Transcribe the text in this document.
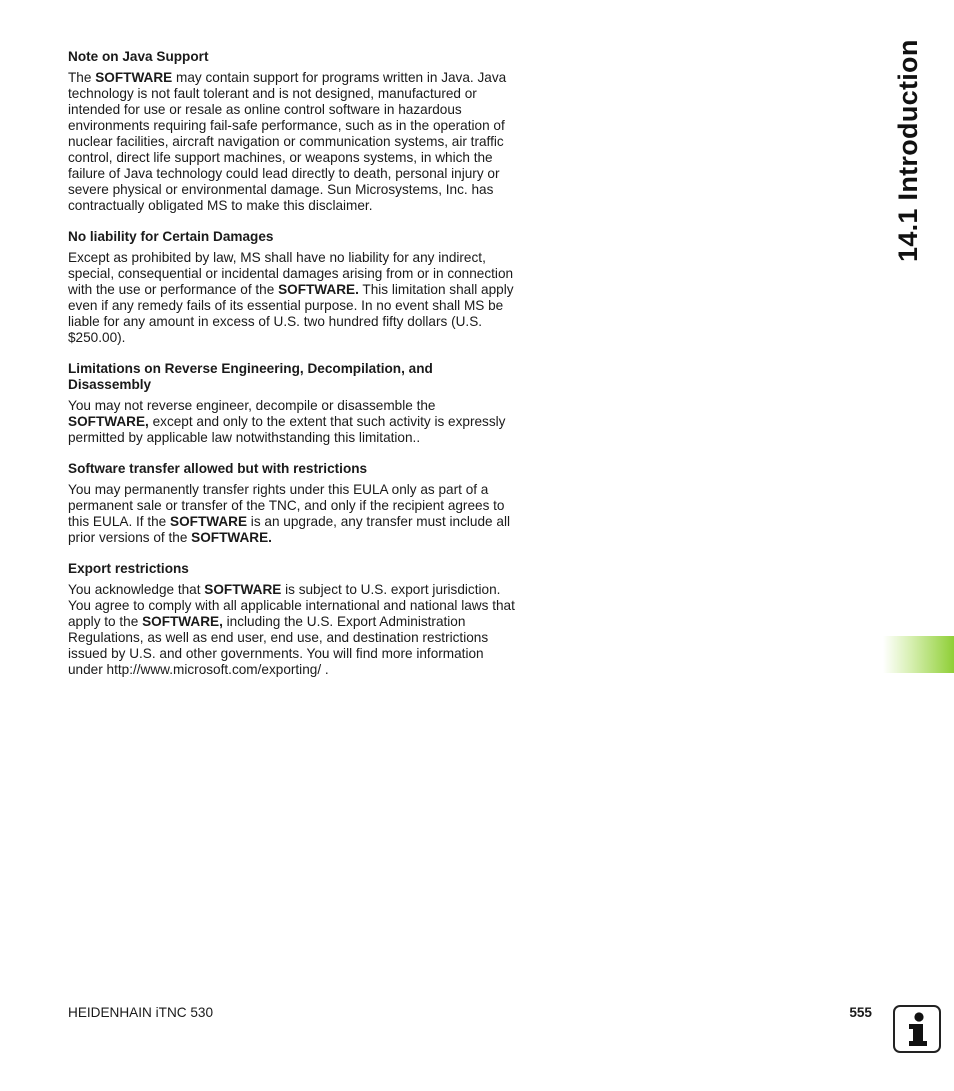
Note on Java Support
The SOFTWARE may contain support for programs written in Java. Java technology is not fault tolerant and is not designed, manufactured or intended for use or resale as online control software in hazardous environments requiring fail-safe performance, such as in the operation of nuclear facilities, aircraft navigation or communication systems, air traffic control, direct life support machines, or weapons systems, in which the failure of Java technology could lead directly to death, personal injury or severe physical or environmental damage. Sun Microsystems, Inc. has contractually obligated MS to make this disclaimer.
No liability for Certain Damages
Except as prohibited by law, MS shall have no liability for any indirect, special, consequential or incidental damages arising from or in connection with the use or performance of the SOFTWARE. This limitation shall apply even if any remedy fails of its essential purpose. In no event shall MS be liable for any amount in excess of U.S. two hundred fifty dollars (U.S. $250.00).
Limitations on Reverse Engineering, Decompilation, and Disassembly
You may not reverse engineer, decompile or disassemble the SOFTWARE, except and only to the extent that such activity is expressly permitted by applicable law notwithstanding this limitation..
Software transfer allowed but with restrictions
You may permanently transfer rights under this EULA only as part of a permanent sale or transfer of the TNC, and only if the recipient agrees to this EULA. If the SOFTWARE is an upgrade, any transfer must include all prior versions of the SOFTWARE.
Export restrictions
You acknowledge that SOFTWARE is subject to U.S. export jurisdiction. You agree to comply with all applicable international and national laws that apply to the SOFTWARE, including the U.S. Export Administration Regulations, as well as end user, end use, and destination restrictions issued by U.S. and other governments. You will find more information under http://www.microsoft.com/exporting/ .
14.1 Introduction
HEIDENHAIN iTNC 530	555
